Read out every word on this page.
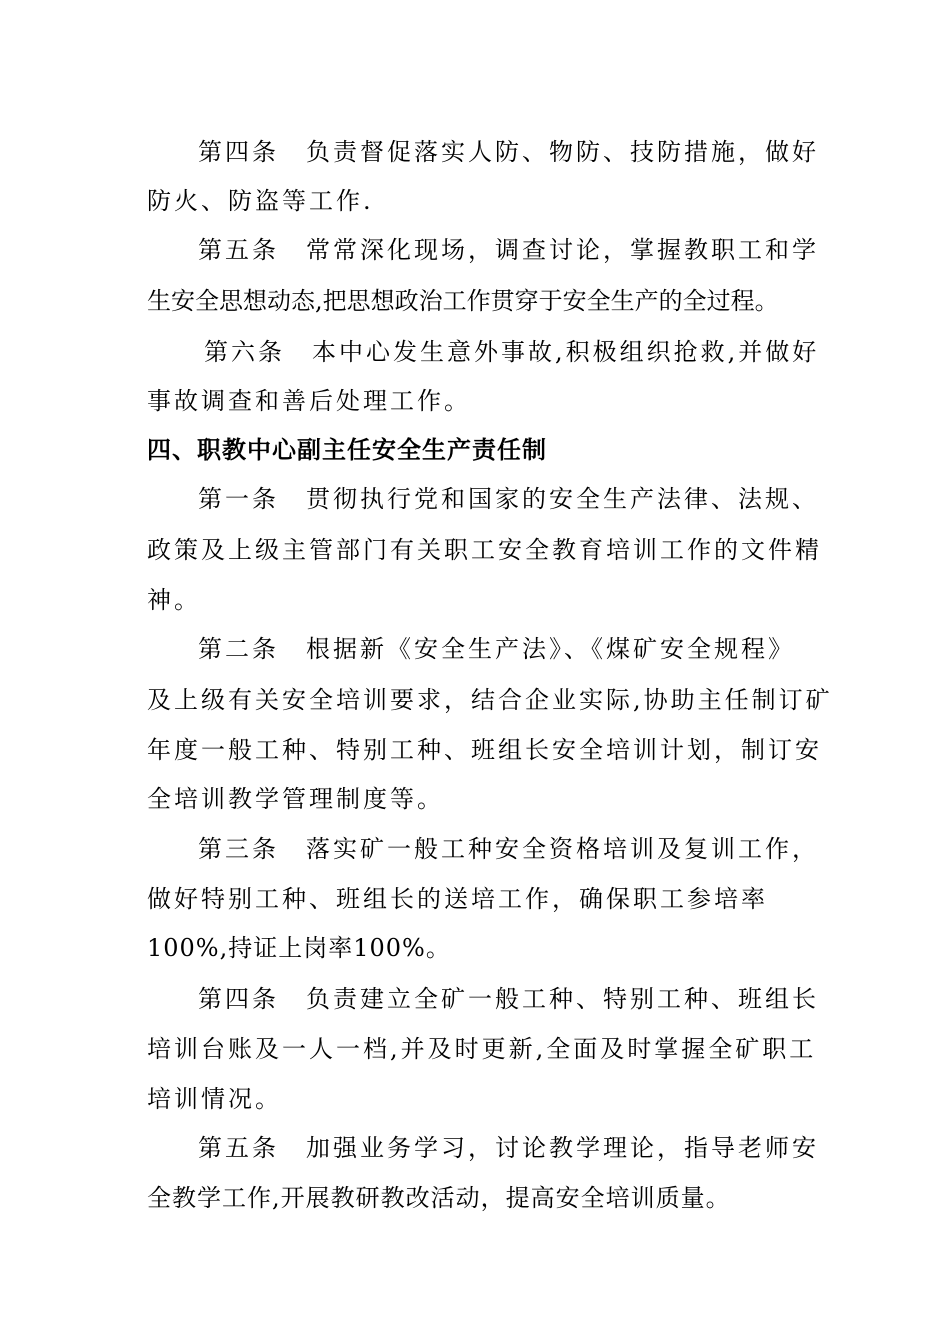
第四条　负责督促落实人防、物防、技防措施，做好
防火、防盗等工作.
第五条　常常深化现场，调查讨论，掌握教职工和学
生安全思想动态,把思想政治工作贯穿于安全生产的全过程。
第六条　本中心发生意外事故,积极组织抢救,并做好
事故调查和善后处理工作。
四、职教中心副主任安全生产责任制
第一条　贯彻执行党和国家的安全生产法律、法规、
政策及上级主管部门有关职工安全教育培训工作的文件精
神。
第二条　根据新《安全生产法》、《煤矿安全规程》
及上级有关安全培训要求，结合企业实际,协助主任制订矿
年度一般工种、特别工种、班组长安全培训计划，制订安
全培训教学管理制度等。
第三条　落实矿一般工种安全资格培训及复训工作，
做好特别工种、班组长的送培工作，确保职工参培率
100%,持证上岗率100%。
第四条　负责建立全矿一般工种、特别工种、班组长
培训台账及一人一档,并及时更新,全面及时掌握全矿职工
培训情况。
第五条　加强业务学习，讨论教学理论，指导老师安
全教学工作,开展教研教改活动，提高安全培训质量。
